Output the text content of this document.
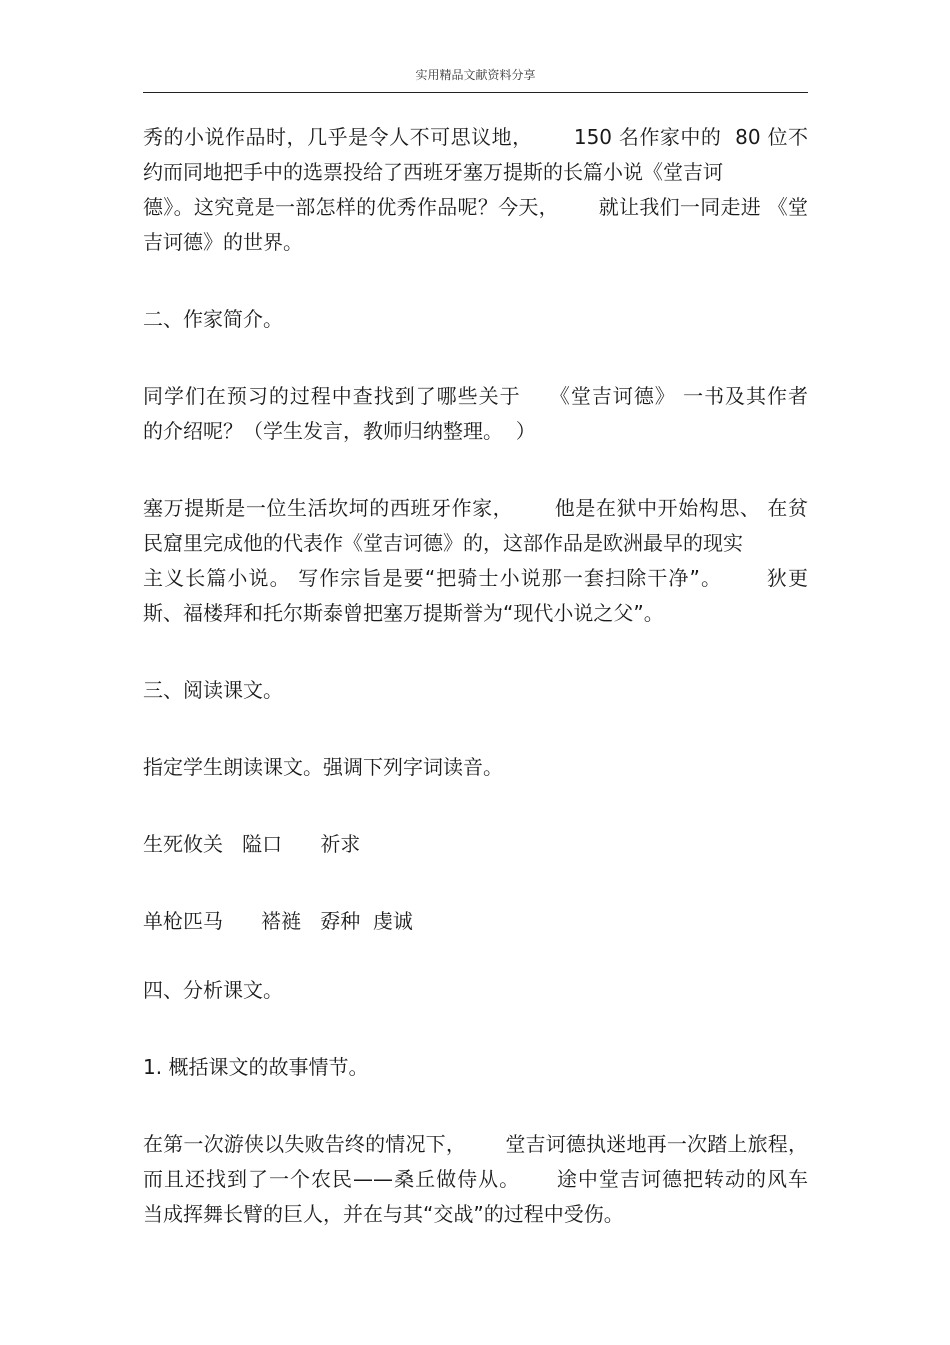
实用精品文献资料分享
秀的小说作品时，几乎是令人不可思议地，      150 名作家中的  80 位不
约而同地把手中的选票投给了西班牙塞万提斯的长篇小说《堂吉诃
德》。这究竟是一部怎样的优秀作品呢？今天，      就让我们一同走进 《堂
吉诃德》的世界。
二、作家简介。
同学们在预习的过程中查找到了哪些关于    《堂吉诃德》 一书及其作者
的介绍呢？（学生发言，教师归纳整理。  ）
塞万提斯是一位生活坎坷的西班牙作家，      他是在狱中开始构思、 在贫
民窟里完成他的代表作《堂吉诃德》的，这部作品是欧洲最早的现实
主义长篇小说。 写作宗旨是要“把骑士小说那一套扫除干净”。      狄更
斯、福楼拜和托尔斯泰曾把塞万提斯誉为“现代小说之父”。
三、阅读课文。
指定学生朗读课文。强调下列字词读音。
生死攸关   隘口      祈求
单枪匹马      褡裢   孬种  虔诚
四、分析课文。
1. 概括课文的故事情节。
在第一次游侠以失败告终的情况下，      堂吉诃德执迷地再一次踏上旅程，
而且还找到了一个农民——桑丘做侍从。     途中堂吉诃德把转动的风车
当成挥舞长臂的巨人，并在与其“交战”的过程中受伤。
